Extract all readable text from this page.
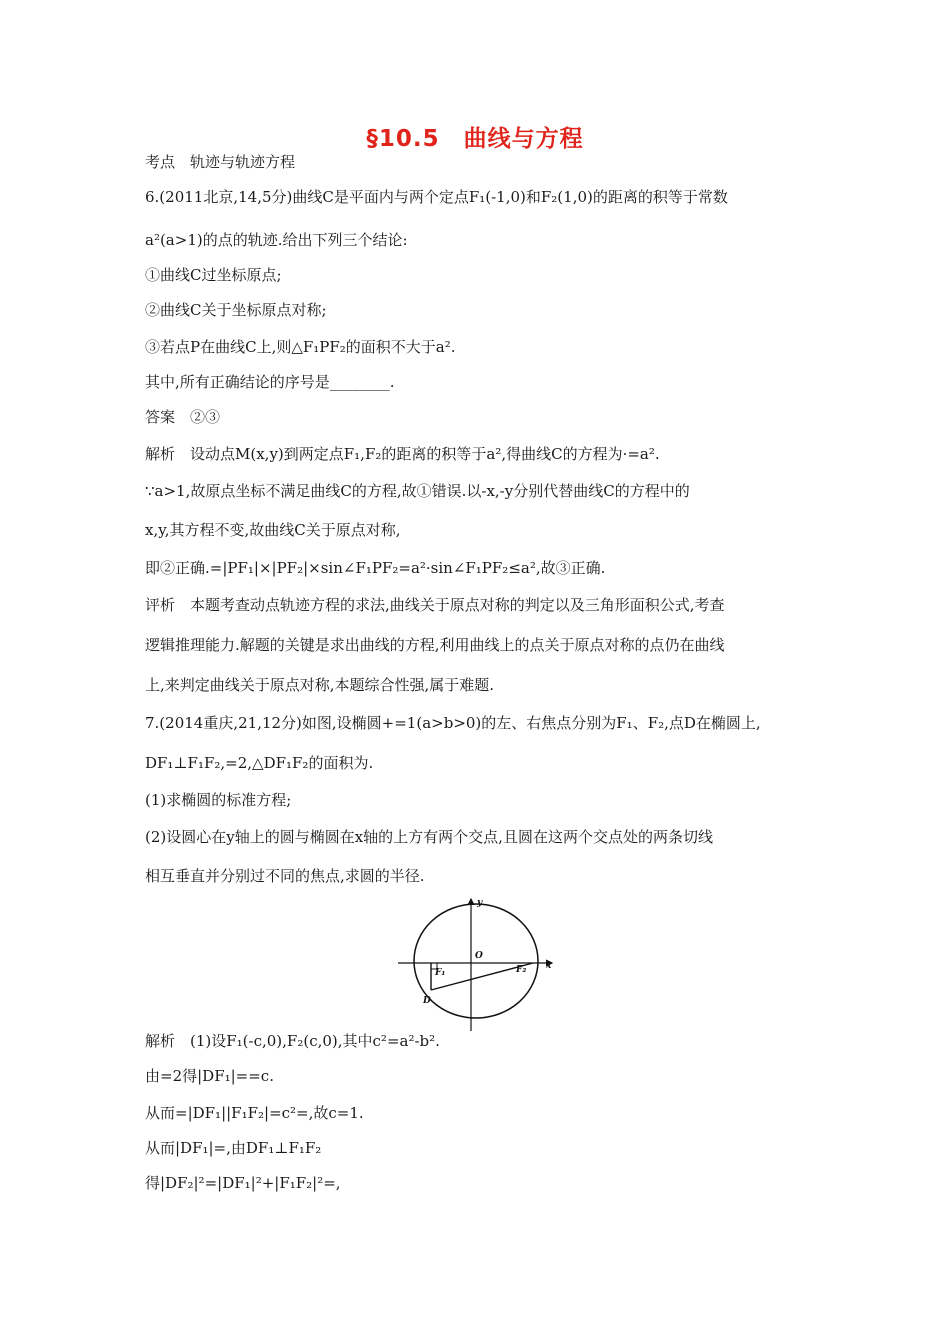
§10.5　曲线与方程
考点　轨迹与轨迹方程
6.(2011北京,14,5分)曲线C是平面内与两个定点F₁(-1,0)和F₂(1,0)的距离的积等于常数
a²(a>1)的点的轨迹.给出下列三个结论:
①曲线C过坐标原点;
②曲线C关于坐标原点对称;
③若点P在曲线C上,则△F₁PF₂的面积不大于a².
其中,所有正确结论的序号是________.
答案　②③
解析　设动点M(x,y)到两定点F₁,F₂的距离的积等于a²,得曲线C的方程为·=a².
∵a>1,故原点坐标不满足曲线C的方程,故①错误.以-x,-y分别代替曲线C的方程中的
x,y,其方程不变,故曲线C关于原点对称,
即②正确.=|PF₁|×|PF₂|×sin∠F₁PF₂=a²·sin∠F₁PF₂≤a²,故③正确.
评析　本题考查动点轨迹方程的求法,曲线关于原点对称的判定以及三角形面积公式,考查
逻辑推理能力.解题的关键是求出曲线的方程,利用曲线上的点关于原点对称的点仍在曲线
上,来判定曲线关于原点对称,本题综合性强,属于难题.
7.(2014重庆,21,12分)如图,设椭圆+=1(a>b>0)的左、右焦点分别为F₁、F₂,点D在椭圆上,
DF₁⊥F₁F₂,=2,△DF₁F₂的面积为.
(1)求椭圆的标准方程;
(2)设圆心在y轴上的圆与椭圆在x轴的上方有两个交点,且圆在这两个交点处的两条切线
相互垂直并分别过不同的焦点,求圆的半径.
y
x
O
F₁	F₂
D
解析　(1)设F₁(-c,0),F₂(c,0),其中c²=a²-b².
由=2得|DF₁|==c.
从而=|DF₁||F₁F₂|=c²=,故c=1.
从而|DF₁|=,由DF₁⊥F₁F₂
得|DF₂|²=|DF₁|²+|F₁F₂|²=,
